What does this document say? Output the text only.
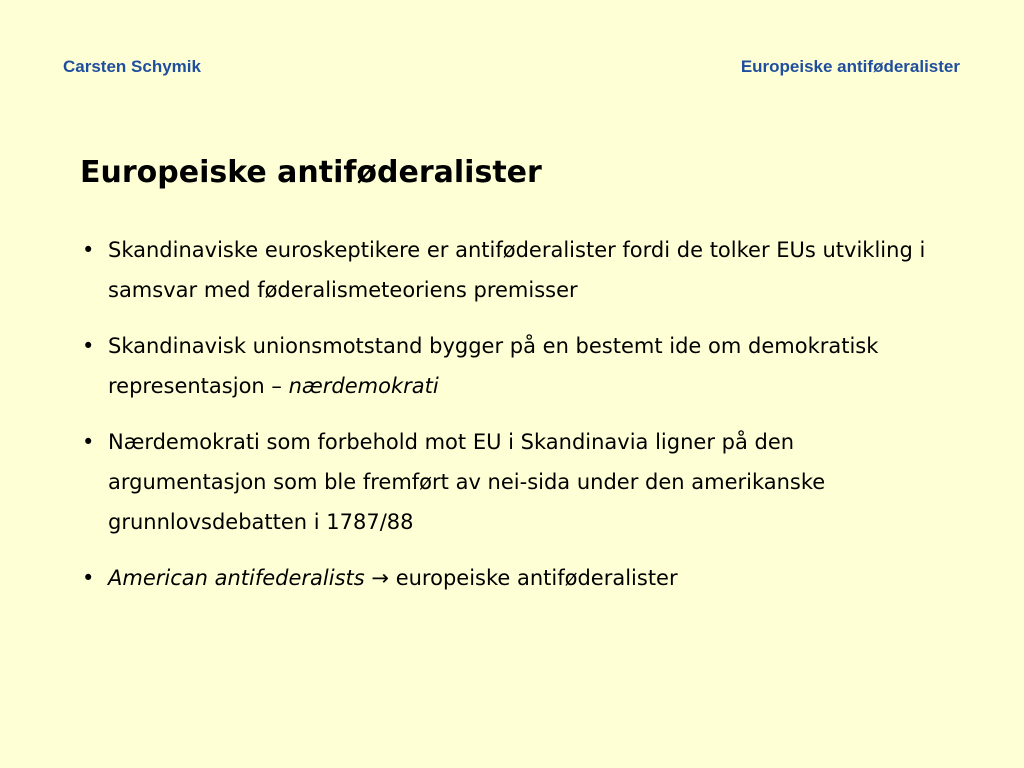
Carsten Schymik	Europeiske antiføderalister
Europeiske antiføderalister
• Skandinaviske euroskeptikere er antiføderalister fordi de tolker EUs utvikling i samsvar med føderalismeteoriens premisser
• Skandinavisk unionsmotstand bygger på en bestemt ide om demokratisk representasjon – nærdemokrati
• Nærdemokrati som forbehold mot EU i Skandinavia ligner på den argumentasjon som ble fremført av nei-sida under den amerikanske grunnlovsdebatten i 1787/88
• American antifederalists → europeiske antiføderalister
